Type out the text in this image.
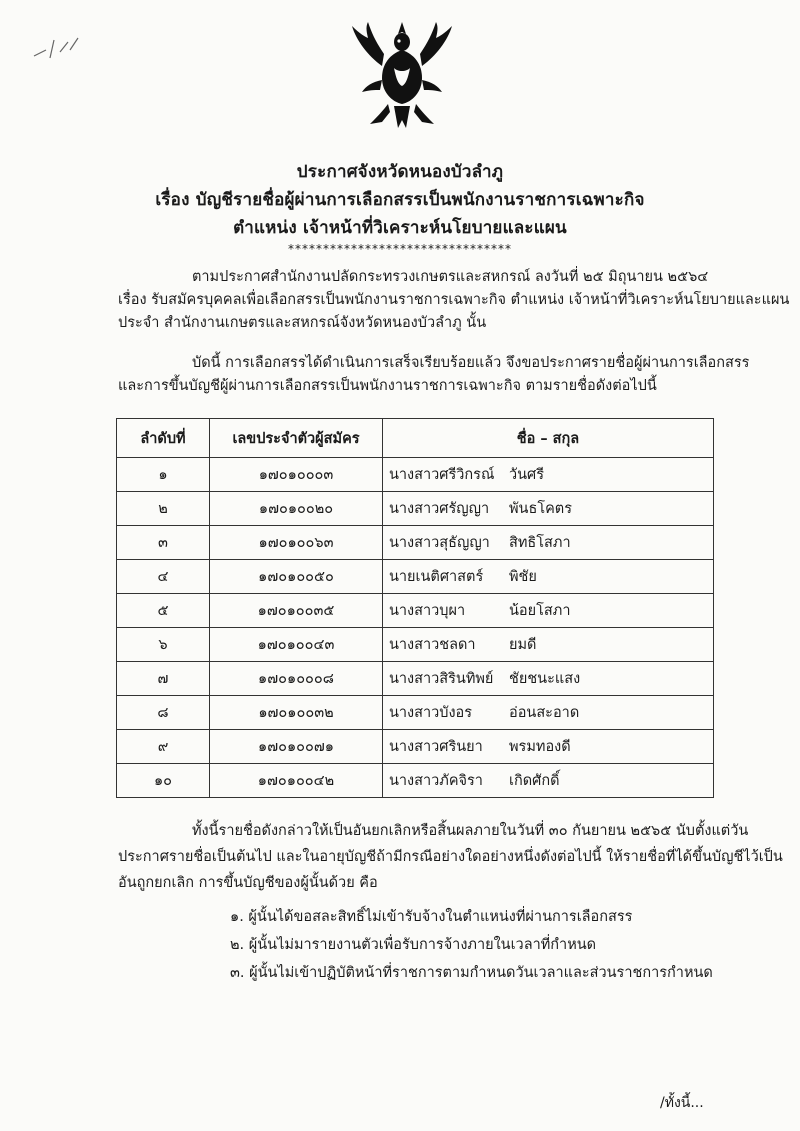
ประกาศจังหวัดหนองบัวลำภู
เรื่อง บัญชีรายชื่อผู้ผ่านการเลือกสรรเป็นพนักงานราชการเฉพาะกิจ
ตำแหน่ง เจ้าหน้าที่วิเคราะห์นโยบายและแผน
********************************
ตามประกาศสำนักงานปลัดกระทรวงเกษตรและสหกรณ์ ลงวันที่ ๒๕ มิถุนายน ๒๕๖๔
เรื่อง รับสมัครบุคคลเพื่อเลือกสรรเป็นพนักงานราชการเฉพาะกิจ ตำแหน่ง เจ้าหน้าที่วิเคราะห์นโยบายและแผน
ประจำ สำนักงานเกษตรและสหกรณ์จังหวัดหนองบัวลำภู นั้น
บัดนี้ การเลือกสรรได้ดำเนินการเสร็จเรียบร้อยแล้ว จึงขอประกาศรายชื่อผู้ผ่านการเลือกสรร
และการขึ้นบัญชีผู้ผ่านการเลือกสรรเป็นพนักงานราชการเฉพาะกิจ ตามรายชื่อดังต่อไปนี้
ลำดับที่	เลขประจำตัวผู้สมัคร	ชื่อ – สกุล
๑	๑๗๐๑๐๐๐๓	นางสาวศรีวิกรณ์ วันศรี
๒	๑๗๐๑๐๐๒๐	นางสาวศรัญญา พันธโคตร
๓	๑๗๐๑๐๐๖๓	นางสาวสุธัญญา สิทธิโสภา
๔	๑๗๐๑๐๐๕๐	นายเนติศาสตร์ พิชัย
๕	๑๗๐๑๐๐๓๕	นางสาวบุผา น้อยโสภา
๖	๑๗๐๑๐๐๔๓	นางสาวชลดา ยมดี
๗	๑๗๐๑๐๐๐๘	นางสาวสิรินทิพย์ ชัยชนะแสง
๘	๑๗๐๑๐๐๓๒	นางสาวบังอร อ่อนสะอาด
๙	๑๗๐๑๐๐๗๑	นางสาวศรินยา พรมทองดี
๑๐	๑๗๐๑๐๐๔๒	นางสาวภัคจิรา เกิดศักดิ์
ทั้งนี้รายชื่อดังกล่าวให้เป็นอันยกเลิกหรือสิ้นผลภายในวันที่ ๓๐ กันยายน ๒๕๖๕ นับตั้งแต่วัน
ประกาศรายชื่อเป็นต้นไป และในอายุบัญชีถ้ามีกรณีอย่างใดอย่างหนึ่งดังต่อไปนี้ ให้รายชื่อที่ได้ขึ้นบัญชีไว้เป็น
อันถูกยกเลิก การขึ้นบัญชีของผู้นั้นด้วย คือ
๑. ผู้นั้นได้ขอสละสิทธิ์ไม่เข้ารับจ้างในตำแหน่งที่ผ่านการเลือกสรร
๒. ผู้นั้นไม่มารายงานตัวเพื่อรับการจ้างภายในเวลาที่กำหนด
๓. ผู้นั้นไม่เข้าปฏิบัติหน้าที่ราชการตามกำหนดวันเวลาและส่วนราชการกำหนด
/ทั้งนี้...
